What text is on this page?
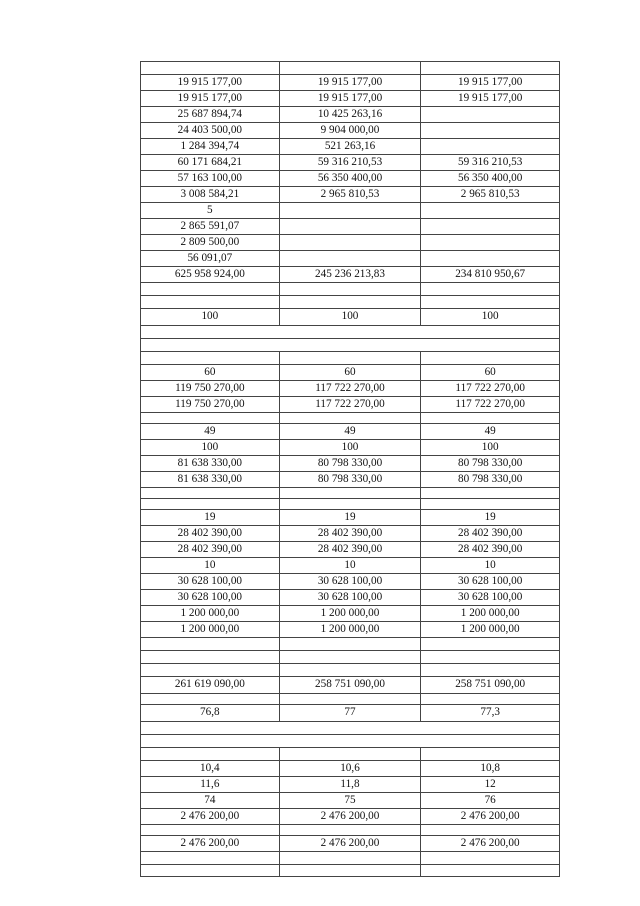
19 915 177,00	19 915 177,00	19 915 177,00
19 915 177,00	19 915 177,00	19 915 177,00
25 687 894,74	10 425 263,16
24 403 500,00	9 904 000,00
1 284 394,74	521 263,16
60 171 684,21	59 316 210,53	59 316 210,53
57 163 100,00	56 350 400,00	56 350 400,00
3 008 584,21	2 965 810,53	2 965 810,53
5
2 865 591,07
2 809 500,00
56 091,07
625 958 924,00	245 236 213,83	234 810 950,67
100	100	100
60	60	60
119 750 270,00	117 722 270,00	117 722 270,00
119 750 270,00	117 722 270,00	117 722 270,00
49	49	49
100	100	100
81 638 330,00	80 798 330,00	80 798 330,00
81 638 330,00	80 798 330,00	80 798 330,00
19	19	19
28 402 390,00	28 402 390,00	28 402 390,00
28 402 390,00	28 402 390,00	28 402 390,00
10	10	10
30 628 100,00	30 628 100,00	30 628 100,00
30 628 100,00	30 628 100,00	30 628 100,00
1 200 000,00	1 200 000,00	1 200 000,00
1 200 000,00	1 200 000,00	1 200 000,00
261 619 090,00	258 751 090,00	258 751 090,00
76,8	77	77,3
10,4	10,6	10,8
11,6	11,8	12
74	75	76
2 476 200,00	2 476 200,00	2 476 200,00
2 476 200,00	2 476 200,00	2 476 200,00
